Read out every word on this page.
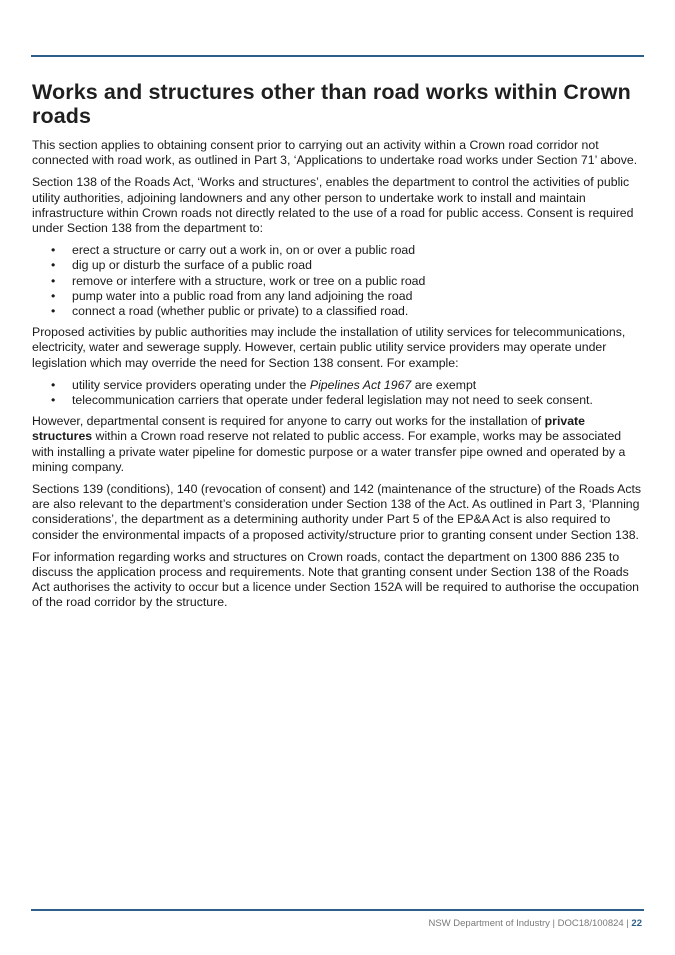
Works and structures other than road works within Crown roads

This section applies to obtaining consent prior to carrying out an activity within a Crown road corridor not connected with road work, as outlined in Part 3, ‘Applications to undertake road works under Section 71’ above.

Section 138 of the Roads Act, ‘Works and structures’, enables the department to control the activities of public utility authorities, adjoining landowners and any other person to undertake work to install and maintain infrastructure within Crown roads not directly related to the use of a road for public access. Consent is required under Section 138 from the department to:

• erect a structure or carry out a work in, on or over a public road
• dig up or disturb the surface of a public road
• remove or interfere with a structure, work or tree on a public road
• pump water into a public road from any land adjoining the road
• connect a road (whether public or private) to a classified road.

Proposed activities by public authorities may include the installation of utility services for telecommunications, electricity, water and sewerage supply. However, certain public utility service providers may operate under legislation which may override the need for Section 138 consent. For example:

• utility service providers operating under the Pipelines Act 1967 are exempt
• telecommunication carriers that operate under federal legislation may not need to seek consent.

However, departmental consent is required for anyone to carry out works for the installation of private structures within a Crown road reserve not related to public access. For example, works may be associated with installing a private water pipeline for domestic purpose or a water transfer pipe owned and operated by a mining company.

Sections 139 (conditions), 140 (revocation of consent) and 142 (maintenance of the structure) of the Roads Acts are also relevant to the department’s consideration under Section 138 of the Act. As outlined in Part 3, ‘Planning considerations’, the department as a determining authority under Part 5 of the EP&A Act is also required to consider the environmental impacts of a proposed activity/structure prior to granting consent under Section 138.

For information regarding works and structures on Crown roads, contact the department on 1300 886 235 to discuss the application process and requirements. Note that granting consent under Section 138 of the Roads Act authorises the activity to occur but a licence under Section 152A will be required to authorise the occupation of the road corridor by the structure.

NSW Department of Industry | DOC18/100824 | 22
